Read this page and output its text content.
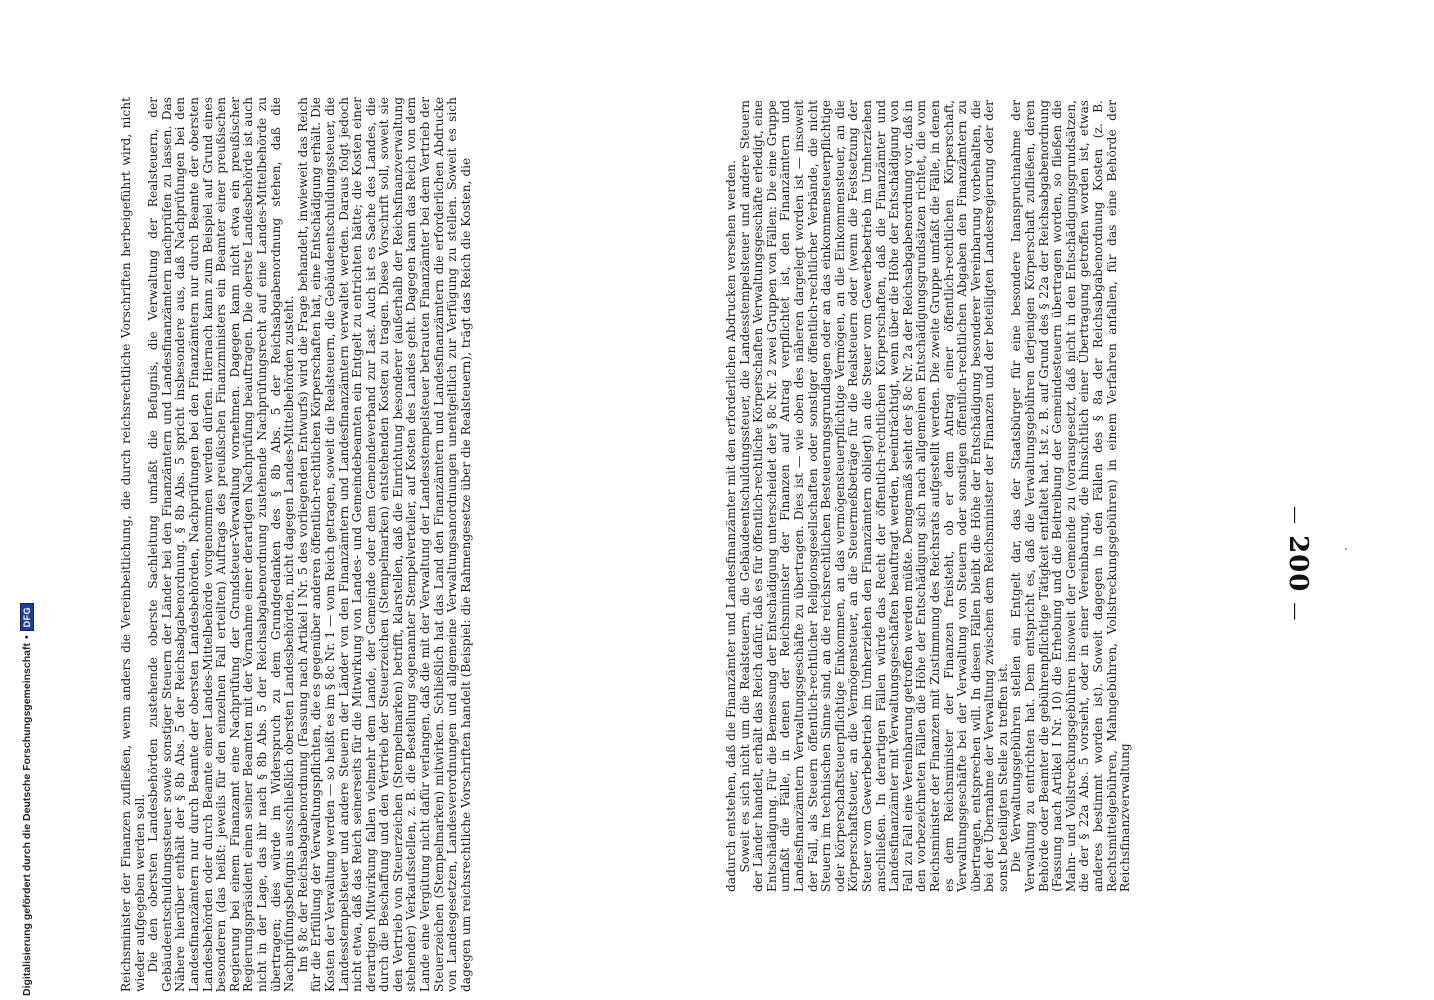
— 200 —

Reichsminister der Finanzen zufließen, wenn anders die Vereinbeitlichung, die durch reichsrechtliche Vorschriften herbeigeführt wird, nicht wieder aufgegeben werden soll. Die den obersten Landesbehörden zustehende oberste Sachleitung umfaßt die Befugnis, die Verwaltung der Realsteuern, der Gebäudeentschuldungssteuer sowie sonstiger Steuern der Länder bei den Finanzämtern und Landesfinanzämtern nachprüfen zu lassen. Das Nähere hierüber enthält der § 8b Abs. 5 der Reichsabgabenordnung. § 8b Abs. 5 spricht insbesondere aus, daß Nachprüfungen bei den Landesfinanzämtern nur durch Beamte der obersten Landesbehörden, Nachprüfungen bei den Finanzämtern nur durch Beamte der obersten Landesbehörden oder durch Beamte einer Landes-Mittelbehörde vorgenommen werden dürfen. Hiernach kann zum Beispiel auf Grund eines besonderen (das heißt: jeweils für den einzelnen Fall erteilten) Auftrags des preußischen Finanzministers ein Beamter einer preußischen Regierung bei einem Finanzamt eine Nachprüfung der Grundsteuer-Verwaltung vornehmen. Dagegen kann nicht etwa ein preußischer Regierungspräsident einen seiner Beamten mit der Vornahme einer derartigen Nachprüfung beauftragen. Die oberste Landesbehörde ist auch nicht in der Lage, das ihr nach § 8b Abs. 5 der Reichsabgabenordnung zustehende Nachprüfungsrecht auf eine Landes-Mittelbehörde zu übertragen; dies würde im Widerspruch zu dem Grundgedanken des § 8b Abs. 5 der Reichsabgabenordnung stehen, daß die Nachprüfungsbefugnis ausschließlich obersten Landesbehörden, nicht dagegen Landes-Mittelbehörden zusteht. Im § 8c der Reichsabgabenordnung (Fassung nach Artikel I Nr. 5 des vorliegenden Entwurfs) wird die Frage behandelt, inwieweit das Reich für die Erfüllung der Verwaltungspflichten, die es gegenüber anderen öffentlich-rechtlichen Körperschaften hat, eine Entschädigung erhält. Die Kosten der Verwaltung werden — so heißt es im § 8c Nr. 1 — vom Reich getragen, soweit die Realsteuern, die Gebäudeentschuldungssteuer, die Landesstempelsteuer und andere Steuern der Länder von den Finanzämtern und Landesfinanzämtern verwaltet werden. Daraus folgt jedoch nicht etwa, daß das Reich seinerseits für die Mitwirkung von Landes- und Gemeindebeamten ein Entgelt zu entrichten hätte; die Kosten einer derartigen Mitwirkung fallen vielmehr dem Lande, der Gemeinde oder dem Gemeindeverband zur Last. Auch ist es Sache des Landes, die durch die Beschaffung und den Vertrieb der Steuerzeichen (Stempelmarken) entstehenden Kosten zu tragen. Diese Vorschrift soll, soweit sie den Vertrieb von Steuerzeichen (Stempelmarken) betrifft, klarstellen, daß die Einrichtung besonderer (außerhalb der Reichsfinanzverwaltung stehender) Verkaufsstellen, z. B. die Bestellung sogenannter Stempelverteiler, auf Kosten des Landes geht. Dagegen kann das Reich von dem Lande eine Vergütung nicht dafür verlangen, daß die mit der Verwaltung der Landesstempelsteuer betrauten Finanzämter bei dem Vertrieb der Steuerzeichen (Stempelmarken) mitwirken. Schließlich hat das Land den Finanzämtern und Landesfinanzämtern die erforderlichen Abdrucke von Landesgesetzen, Landesverordnungen und allgemeine Verwaltungsanordnungen unentgeltlich zur Verfügung zu stellen. Soweit es sich dagegen um reichsrechtliche Vorschriften handelt (Beispiel: die Rahmengesetze über die Realsteuern), trägt das Reich die Kosten, die	dadurch entstehen, daß die Finanzämter und Landesfinanzämter mit den erforderlichen Abdrucken versehen werden. Soweit es sich nicht um die Realsteuern, die Gebäudeentschuldungssteuer, die Landesstempelsteuer und andere Steuern der Länder handelt, erhält das Reich dafür, daß es für öffentlich-rechtliche Körperschaften Verwaltungsgeschäfte erledigt, eine Entschädigung. Für die Bemessung der Entschädigung unterscheidet der § 8c Nr. 2 zwei Gruppen von Fällen: Die eine Gruppe umfaßt die Fälle, in denen der Reichsminister der Finanzen auf Antrag verpflichtet ist, den Finanzämtern und Landesfinanzämtern Verwaltungsgeschäfte zu übertragen. Dies ist — wie oben des näheren dargelegt worden ist — insoweit der Fall, als Steuern öffentlich-rechtlicher Religionsgesellschaften oder sonstiger öffentlich-rechtlicher Verbände, die nicht Steuern im technischen Sinne sind, an die reichsrechtlichen Besteuerungsgrundlagen oder an das einkommensteuerpflichtige oder körperschaftsteuerpflichtige Einkommen, an das vermögensteuerpflichtige Vermögen, an die Einkommensteuer, an die Körperschaftsteuer, an die Vermögensteuer, an die Steuermeßbeträge für die Realsteuern oder (wenn die Festsetzung der Steuer vom Gewerbebetrieb im Umherziehen den Finanzämtern obliegt) an die Steuer vom Gewerbebetrieb im Umherziehen anschließen. In derartigen Fällen würde das Recht der öffentlich-rechtlichen Körperschaften, daß die Finanzämter und Landesfinanzämter mit Verwaltungsgeschäften beauftragt werden, beeinträchtigt, wenn über die Höhe der Entschädigung von Fall zu Fall eine Vereinbarung getroffen werden müßte. Demgemäß sieht der § 8c Nr. 2a der Reichsabgabenordnung vor, daß in den vorbezeichneten Fällen die Höhe der Entschädigung sich nach allgemeinen Entschädigungsgrundsätzen richtet, die vom Reichsminister der Finanzen mit Zustimmung des Reichsrats aufgestellt werden. Die zweite Gruppe umfaßt die Fälle, in denen es dem Reichsminister der Finanzen freisteht, ob er dem Antrag einer öffentlich-rechtlichen Körperschaft, Verwaltungsgeschäfte bei der Verwaltung von Steuern oder sonstigen öffentlich-rechtlichen Abgaben den Finanzämtern zu übertragen, entsprechen will. In diesen Fällen bleibt die Höhe der Entschädigung besonderer Vereinbarung vorbehalten, die bei der Übernahme der Verwaltung zwischen dem Reichsminister der Finanzen und der beteiligten Landesregierung oder der sonst beteiligten Stelle zu treffen ist. Die Verwaltungsgebühren stellen ein Entgelt dar, das der Staatsbürger für eine besondere Inanspruchnahme der Verwaltung zu entrichten hat. Dem entspricht es, daß die Verwaltungsgebühren derjenigen Körperschaft zufließen, deren Behörde oder Beamter die gebührenpflichtige Tätigkeit entfaltet hat. Ist z. B. auf Grund des § 22a der Reichsabgabenordnung (Fassung nach Artikel I Nr. 10) die Erhebung und die Beitreibung der Gemeindesteuern übertragen worden, so fließen die Mahn- und Vollstreckungsgebühren insoweit der Gemeinde zu (vorausgesetzt, daß nicht in den Entschädigungsgrundsätzen, die der § 22a Abs. 5 vorsieht, oder in einer Vereinbarung, die hinsichtlich einer Übertragung getroffen worden ist, etwas anderes bestimmt worden ist). Soweit dagegen in den Fällen des § 8a der Reichsabgabenordnung Kosten (z. B. Rechtsmittelgebühren, Mahngebühren, Vollstreckungsgebühren) in einem Verfahren anfallen, für das eine Behörde der Reichsfinanzverwaltung

Digitalisierung gefördert durch die Deutsche Forschungsgemeinschaft
•
DFG
